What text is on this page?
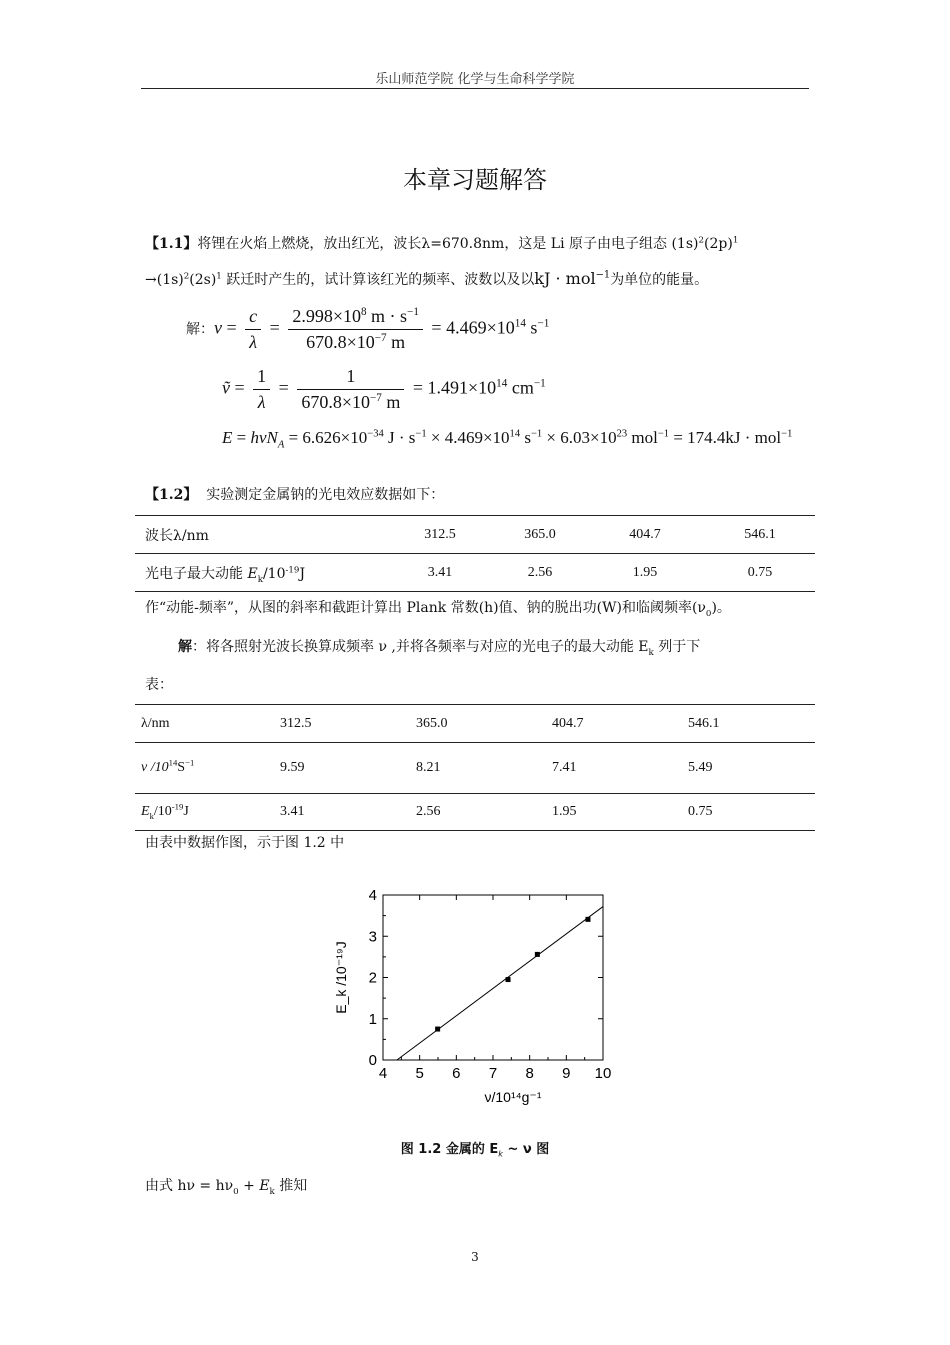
乐山师范学院 化学与生命科学学院
本章习题解答
【1.1】将锂在火焰上燃烧，放出红光，波长λ=670.8nm，这是 Li 原子由电子组态 $(1s)^2(2p)^1$
$\to(1s)^2(2s)^1$ 跃迁时产生的，试计算该红光的频率、波数以及以kJ · mol$^{-1}$为单位的能量。
解：$\nu = \frac{c}{\lambda} = \frac{2.998\times 10^8 m \cdot s^{-1}}{670.8\times 10^{-7} m} = 4.469\times 10^{14}$ $s^{-1}$
ṽ = $\frac{1}{\lambda} = \frac{1}{670.8\times 10^{-7} m} = 1.491\times 10^{14}$ $cm^{-1}$
$E = h\nu N_A = 6.626\times 10^{-34}$ $J \cdot s^{-1} \times 4.469\times 10^{14}$ $s^{-1} \times 6.03\times 10^{23}$ mol$^{-1}$ = 174.4kJ · mol$^{-1}$
【1.2】 实验测定金属钠的光电效应数据如下：
波长λ/nm	312.5	365.0	404.7	546.1
光电子最大动能 $E_k/10^{-19}J$	3.41	2.56	1.95	0.75
作“动能-频率”，从图的斜率和截距计算出 Plank 常数(h)值、钠的脱出功(W)和临阈频率$(\nu_0)$。
解：将各照射光波长换算成频率 ν ,并将各频率与对应的光电子的最大动能 $E_k$ 列于下
表：
λ/nm	312.5	365.0	404.7	546.1
ν $/10^{14}S^{-1}$	9.59	8.21	7.41	5.49
$E_k/10^{-19}J$	3.41	2.56	1.95	0.75
由表中数据作图，示于图 1.2 中
4 5 6 7 8 9 10
0
1
2
3
4
ν/10¹⁴g⁻¹
E_k /10⁻¹⁹J
图 1.2 金属的 $E_k$ ~ ν 图
由式 $h\nu = h\nu_0 + E_k$ 推知
3
